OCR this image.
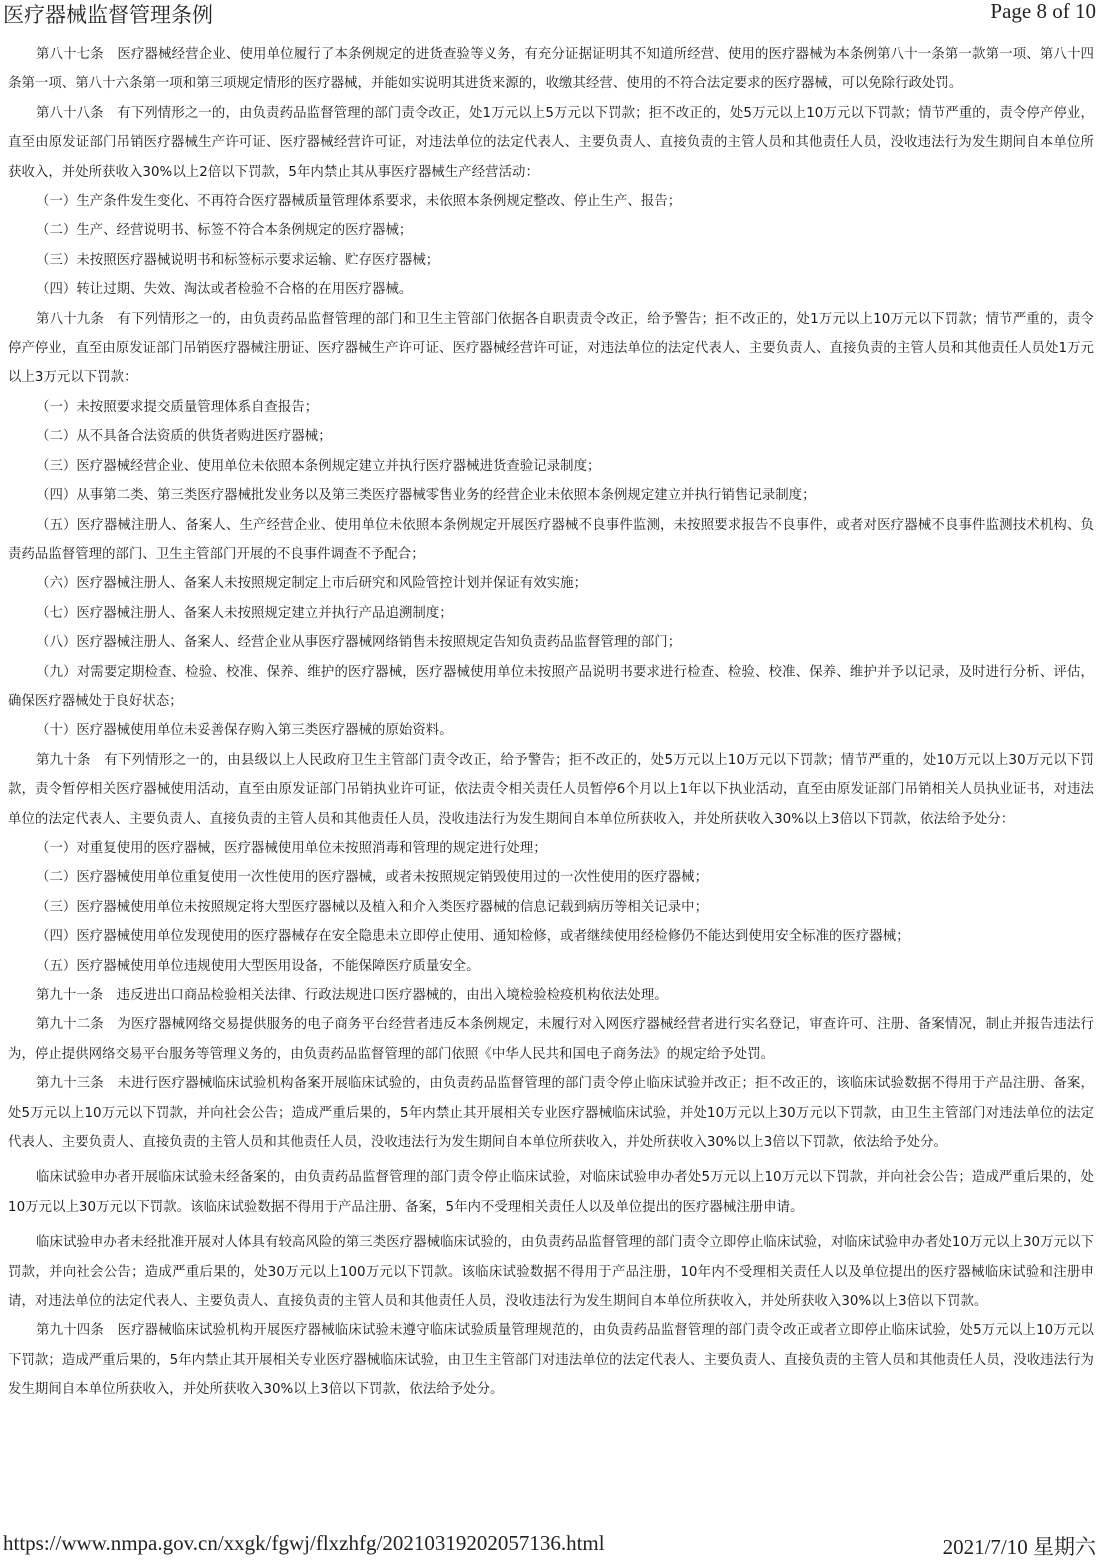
医疗器械监督管理条例	Page 8 of 10

第八十七条　医疗器械经营企业、使用单位履行了本条例规定的进货查验等义务，有充分证据证明其不知道所经营、使用的医疗器械为本条例第八十一条第一款第一项、第八十四条第一项、第八十六条第一项和第三项规定情形的医疗器械，并能如实说明其进货来源的，收缴其经营、使用的不符合法定要求的医疗器械，可以免除行政处罚。

第八十八条　有下列情形之一的，由负责药品监督管理的部门责令改正，处1万元以上5万元以下罚款；拒不改正的，处5万元以上10万元以下罚款；情节严重的，责令停产停业，直至由原发证部门吊销医疗器械生产许可证、医疗器械经营许可证，对违法单位的法定代表人、主要负责人、直接负责的主管人员和其他责任人员，没收违法行为发生期间自本单位所获收入，并处所获收入30%以上2倍以下罚款，5年内禁止其从事医疗器械生产经营活动：

（一）生产条件发生变化、不再符合医疗器械质量管理体系要求，未依照本条例规定整改、停止生产、报告；

（二）生产、经营说明书、标签不符合本条例规定的医疗器械；

（三）未按照医疗器械说明书和标签标示要求运输、贮存医疗器械；

（四）转让过期、失效、淘汰或者检验不合格的在用医疗器械。

第八十九条　有下列情形之一的，由负责药品监督管理的部门和卫生主管部门依据各自职责责令改正，给予警告；拒不改正的，处1万元以上10万元以下罚款；情节严重的，责令停产停业，直至由原发证部门吊销医疗器械注册证、医疗器械生产许可证、医疗器械经营许可证，对违法单位的法定代表人、主要负责人、直接负责的主管人员和其他责任人员处1万元以上3万元以下罚款：

（一）未按照要求提交质量管理体系自查报告；

（二）从不具备合法资质的供货者购进医疗器械；

（三）医疗器械经营企业、使用单位未依照本条例规定建立并执行医疗器械进货查验记录制度；

（四）从事第二类、第三类医疗器械批发业务以及第三类医疗器械零售业务的经营企业未依照本条例规定建立并执行销售记录制度；

（五）医疗器械注册人、备案人、生产经营企业、使用单位未依照本条例规定开展医疗器械不良事件监测，未按照要求报告不良事件，或者对医疗器械不良事件监测技术机构、负责药品监督管理的部门、卫生主管部门开展的不良事件调查不予配合；

（六）医疗器械注册人、备案人未按照规定制定上市后研究和风险管控计划并保证有效实施；

（七）医疗器械注册人、备案人未按照规定建立并执行产品追溯制度；

（八）医疗器械注册人、备案人、经营企业从事医疗器械网络销售未按照规定告知负责药品监督管理的部门；

（九）对需要定期检查、检验、校准、保养、维护的医疗器械，医疗器械使用单位未按照产品说明书要求进行检查、检验、校准、保养、维护并予以记录，及时进行分析、评估，确保医疗器械处于良好状态；

（十）医疗器械使用单位未妥善保存购入第三类医疗器械的原始资料。

第九十条　有下列情形之一的，由县级以上人民政府卫生主管部门责令改正，给予警告；拒不改正的，处5万元以上10万元以下罚款；情节严重的，处10万元以上30万元以下罚款，责令暂停相关医疗器械使用活动，直至由原发证部门吊销执业许可证，依法责令相关责任人员暂停6个月以上1年以下执业活动，直至由原发证部门吊销相关人员执业证书，对违法单位的法定代表人、主要负责人、直接负责的主管人员和其他责任人员，没收违法行为发生期间自本单位所获收入，并处所获收入30%以上3倍以下罚款，依法给予处分：

（一）对重复使用的医疗器械，医疗器械使用单位未按照消毒和管理的规定进行处理；

（二）医疗器械使用单位重复使用一次性使用的医疗器械，或者未按照规定销毁使用过的一次性使用的医疗器械；

（三）医疗器械使用单位未按照规定将大型医疗器械以及植入和介入类医疗器械的信息记载到病历等相关记录中；

（四）医疗器械使用单位发现使用的医疗器械存在安全隐患未立即停止使用、通知检修，或者继续使用经检修仍不能达到使用安全标准的医疗器械；

（五）医疗器械使用单位违规使用大型医用设备，不能保障医疗质量安全。

第九十一条　违反进出口商品检验相关法律、行政法规进口医疗器械的，由出入境检验检疫机构依法处理。

第九十二条　为医疗器械网络交易提供服务的电子商务平台经营者违反本条例规定，未履行对入网医疗器械经营者进行实名登记，审查许可、注册、备案情况，制止并报告违法行为，停止提供网络交易平台服务等管理义务的，由负责药品监督管理的部门依照《中华人民共和国电子商务法》的规定给予处罚。

第九十三条　未进行医疗器械临床试验机构备案开展临床试验的，由负责药品监督管理的部门责令停止临床试验并改正；拒不改正的，该临床试验数据不得用于产品注册、备案，处5万元以上10万元以下罚款，并向社会公告；造成严重后果的，5年内禁止其开展相关专业医疗器械临床试验，并处10万元以上30万元以下罚款，由卫生主管部门对违法单位的法定代表人、主要负责人、直接负责的主管人员和其他责任人员，没收违法行为发生期间自本单位所获收入，并处所获收入30%以上3倍以下罚款，依法给予处分。

临床试验申办者开展临床试验未经备案的，由负责药品监督管理的部门责令停止临床试验，对临床试验申办者处5万元以上10万元以下罚款，并向社会公告；造成严重后果的，处10万元以上30万元以下罚款。该临床试验数据不得用于产品注册、备案，5年内不受理相关责任人以及单位提出的医疗器械注册申请。

临床试验申办者未经批准开展对人体具有较高风险的第三类医疗器械临床试验的，由负责药品监督管理的部门责令立即停止临床试验，对临床试验申办者处10万元以上30万元以下罚款，并向社会公告；造成严重后果的，处30万元以上100万元以下罚款。该临床试验数据不得用于产品注册，10年内不受理相关责任人以及单位提出的医疗器械临床试验和注册申请，对违法单位的法定代表人、主要负责人、直接负责的主管人员和其他责任人员，没收违法行为发生期间自本单位所获收入，并处所获收入30%以上3倍以下罚款。

第九十四条　医疗器械临床试验机构开展医疗器械临床试验未遵守临床试验质量管理规范的，由负责药品监督管理的部门责令改正或者立即停止临床试验，处5万元以上10万元以下罚款；造成严重后果的，5年内禁止其开展相关专业医疗器械临床试验，由卫生主管部门对违法单位的法定代表人、主要负责人、直接负责的主管人员和其他责任人员，没收违法行为发生期间自本单位所获收入，并处所获收入30%以上3倍以下罚款，依法给予处分。

https://www.nmpa.gov.cn/xxgk/fgwj/flxzhfg/20210319202057136.html	2021/7/10 星期六
